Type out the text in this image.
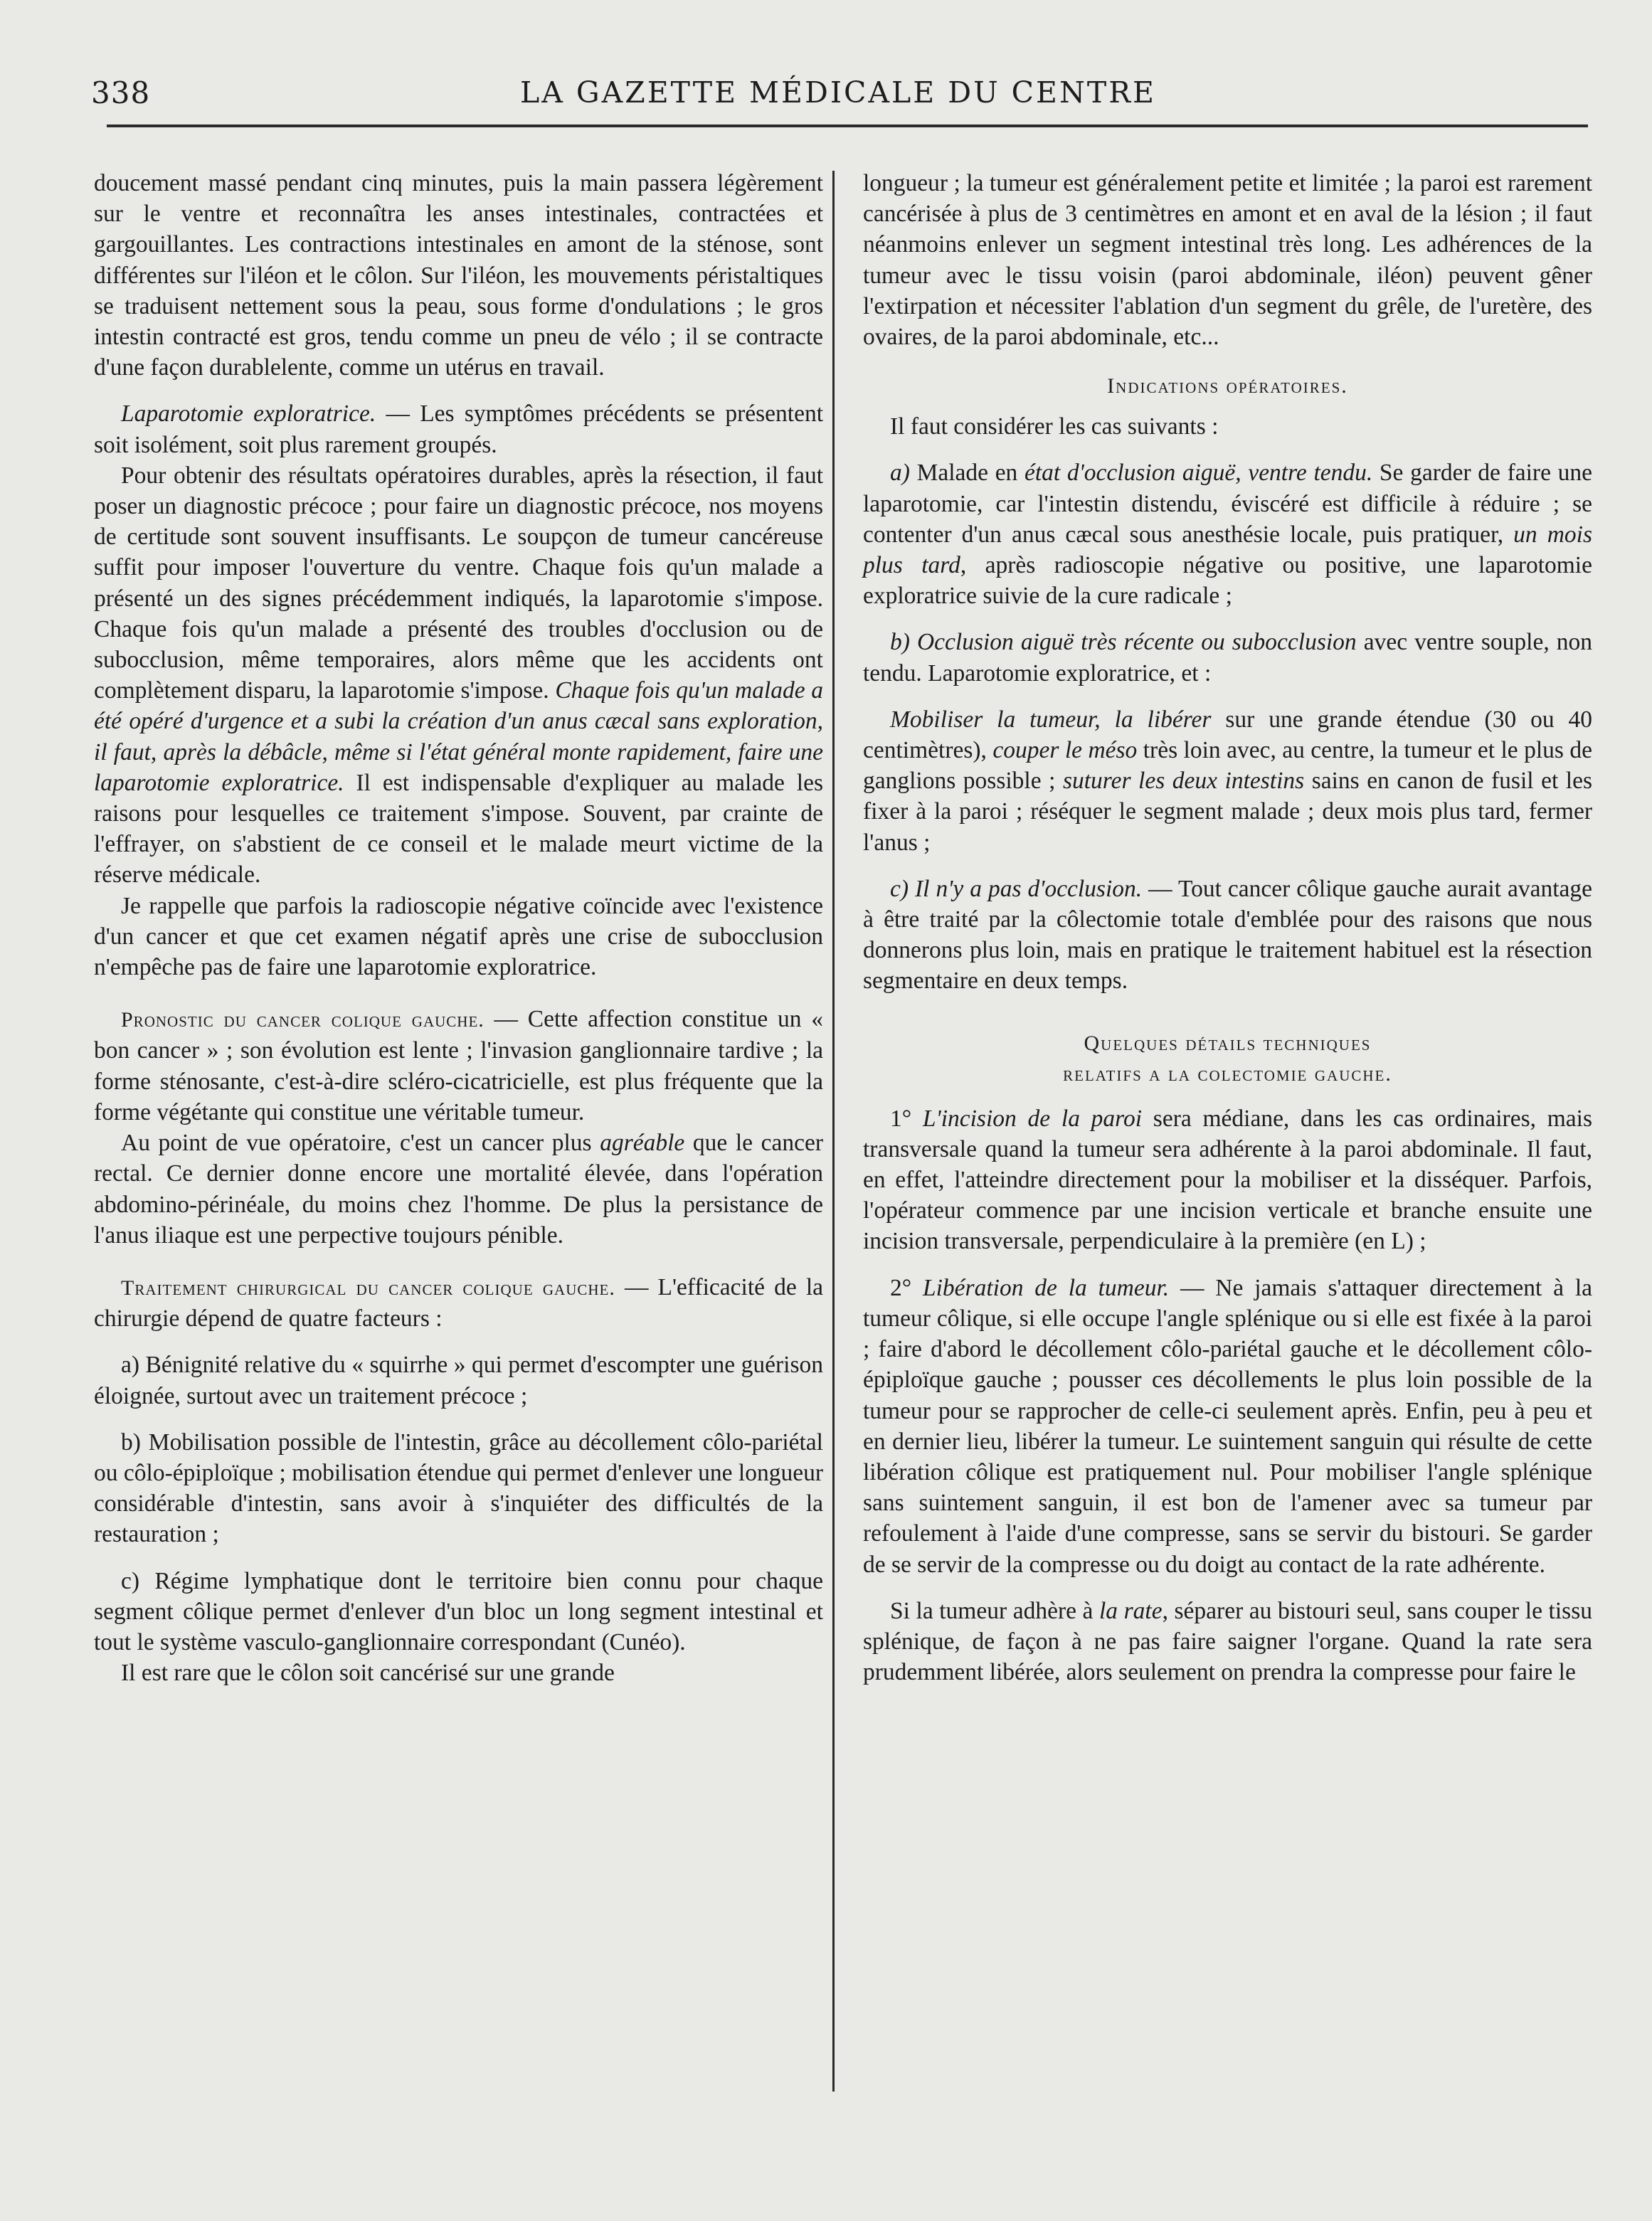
338	LA GAZETTE MÉDICALE DU CENTRE

doucement massé pendant cinq minutes, puis la main passera légèrement sur le ventre et reconnaîtra les anses intestinales, contractées et gargouillantes. Les contractions intestinales en amont de la sténose, sont différentes sur l'iléon et le côlon. Sur l'iléon, les mouvements péristaltiques se traduisent nettement sous la peau, sous forme d'ondulations ; le gros intestin contracté est gros, tendu comme un pneu de vélo ; il se contracte d'une façon durablelente, comme un utérus en travail.

Laparotomie exploratrice. — Les symptômes précédents se présentent soit isolément, soit plus rarement groupés.

Pour obtenir des résultats opératoires durables, après la résection, il faut poser un diagnostic précoce ; pour faire un diagnostic précoce, nos moyens de certitude sont souvent insuffisants. Le soupçon de tumeur cancéreuse suffit pour imposer l'ouverture du ventre. Chaque fois qu'un malade a présenté un des signes précédemment indiqués, la laparotomie s'impose. Chaque fois qu'un malade a présenté des troubles d'occlusion ou de subocclusion, même temporaires, alors même que les accidents ont complètement disparu, la laparotomie s'impose. Chaque fois qu'un malade a été opéré d'urgence et a subi la création d'un anus cæcal sans exploration, il faut, après la débâcle, même si l'état général monte rapidement, faire une laparotomie exploratrice. Il est indispensable d'expliquer au malade les raisons pour lesquelles ce traitement s'impose. Souvent, par crainte de l'effrayer, on s'abstient de ce conseil et le malade meurt victime de la réserve médicale.

Je rappelle que parfois la radioscopie négative coïncide avec l'existence d'un cancer et que cet examen négatif après une crise de subocclusion n'empêche pas de faire une laparotomie exploratrice.

Pronostic du cancer colique gauche. — Cette affection constitue un « bon cancer » ; son évolution est lente ; l'invasion ganglionnaire tardive ; la forme sténosante, c'est-à-dire scléro-cicatricielle, est plus fréquente que la forme végétante qui constitue une véritable tumeur.

Au point de vue opératoire, c'est un cancer plus agréable que le cancer rectal. Ce dernier donne encore une mortalité élevée, dans l'opération abdomino-périnéale, du moins chez l'homme. De plus la persistance de l'anus iliaque est une perpective toujours pénible.

Traitement chirurgical du cancer colique gauche. — L'efficacité de la chirurgie dépend de quatre facteurs :

a) Bénignité relative du « squirrhe » qui permet d'escompter une guérison éloignée, surtout avec un traitement précoce ;

b) Mobilisation possible de l'intestin, grâce au décollement côlo-pariétal ou côlo-épiploïque ; mobilisation étendue qui permet d'enlever une longueur considérable d'intestin, sans avoir à s'inquiéter des difficultés de la restauration ;

c) Régime lymphatique dont le territoire bien connu pour chaque segment côlique permet d'enlever d'un bloc un long segment intestinal et tout le système vasculo-ganglionnaire correspondant (Cunéo).

Il est rare que le côlon soit cancérisé sur une grande

longueur ; la tumeur est généralement petite et limitée ; la paroi est rarement cancérisée à plus de 3 centimètres en amont et en aval de la lésion ; il faut néanmoins enlever un segment intestinal très long. Les adhérences de la tumeur avec le tissu voisin (paroi abdominale, iléon) peuvent gêner l'extirpation et nécessiter l'ablation d'un segment du grêle, de l'uretère, des ovaires, de la paroi abdominale, etc...

Indications opératoires.

Il faut considérer les cas suivants :

a) Malade en état d'occlusion aiguë, ventre tendu. Se garder de faire une laparotomie, car l'intestin distendu, éviscéré est difficile à réduire ; se contenter d'un anus cæcal sous anesthésie locale, puis pratiquer, un mois plus tard, après radioscopie négative ou positive, une laparotomie exploratrice suivie de la cure radicale ;

b) Occlusion aiguë très récente ou subocclusion avec ventre souple, non tendu. Laparotomie exploratrice, et :

Mobiliser la tumeur, la libérer sur une grande étendue (30 ou 40 centimètres), couper le méso très loin avec, au centre, la tumeur et le plus de ganglions possible ; suturer les deux intestins sains en canon de fusil et les fixer à la paroi ; réséquer le segment malade ; deux mois plus tard, fermer l'anus ;

c) Il n'y a pas d'occlusion. — Tout cancer côlique gauche aurait avantage à être traité par la côlectomie totale d'emblée pour des raisons que nous donnerons plus loin, mais en pratique le traitement habituel est la résection segmentaire en deux temps.

Quelques détails techniques
relatifs a la colectomie gauche.

1° L'incision de la paroi sera médiane, dans les cas ordinaires, mais transversale quand la tumeur sera adhérente à la paroi abdominale. Il faut, en effet, l'atteindre directement pour la mobiliser et la disséquer. Parfois, l'opérateur commence par une incision verticale et branche ensuite une incision transversale, perpendiculaire à la première (en L) ;

2° Libération de la tumeur. — Ne jamais s'attaquer directement à la tumeur côlique, si elle occupe l'angle splénique ou si elle est fixée à la paroi ; faire d'abord le décollement côlo-pariétal gauche et le décollement côlo-épiploïque gauche ; pousser ces décollements le plus loin possible de la tumeur pour se rapprocher de celle-ci seulement après. Enfin, peu à peu et en dernier lieu, libérer la tumeur. Le suintement sanguin qui résulte de cette libération côlique est pratiquement nul. Pour mobiliser l'angle splénique sans suintement sanguin, il est bon de l'amener avec sa tumeur par refoulement à l'aide d'une compresse, sans se servir du bistouri. Se garder de se servir de la compresse ou du doigt au contact de la rate adhérente.

Si la tumeur adhère à la rate, séparer au bistouri seul, sans couper le tissu splénique, de façon à ne pas faire saigner l'organe. Quand la rate sera prudemment libérée, alors seulement on prendra la compresse pour faire le
